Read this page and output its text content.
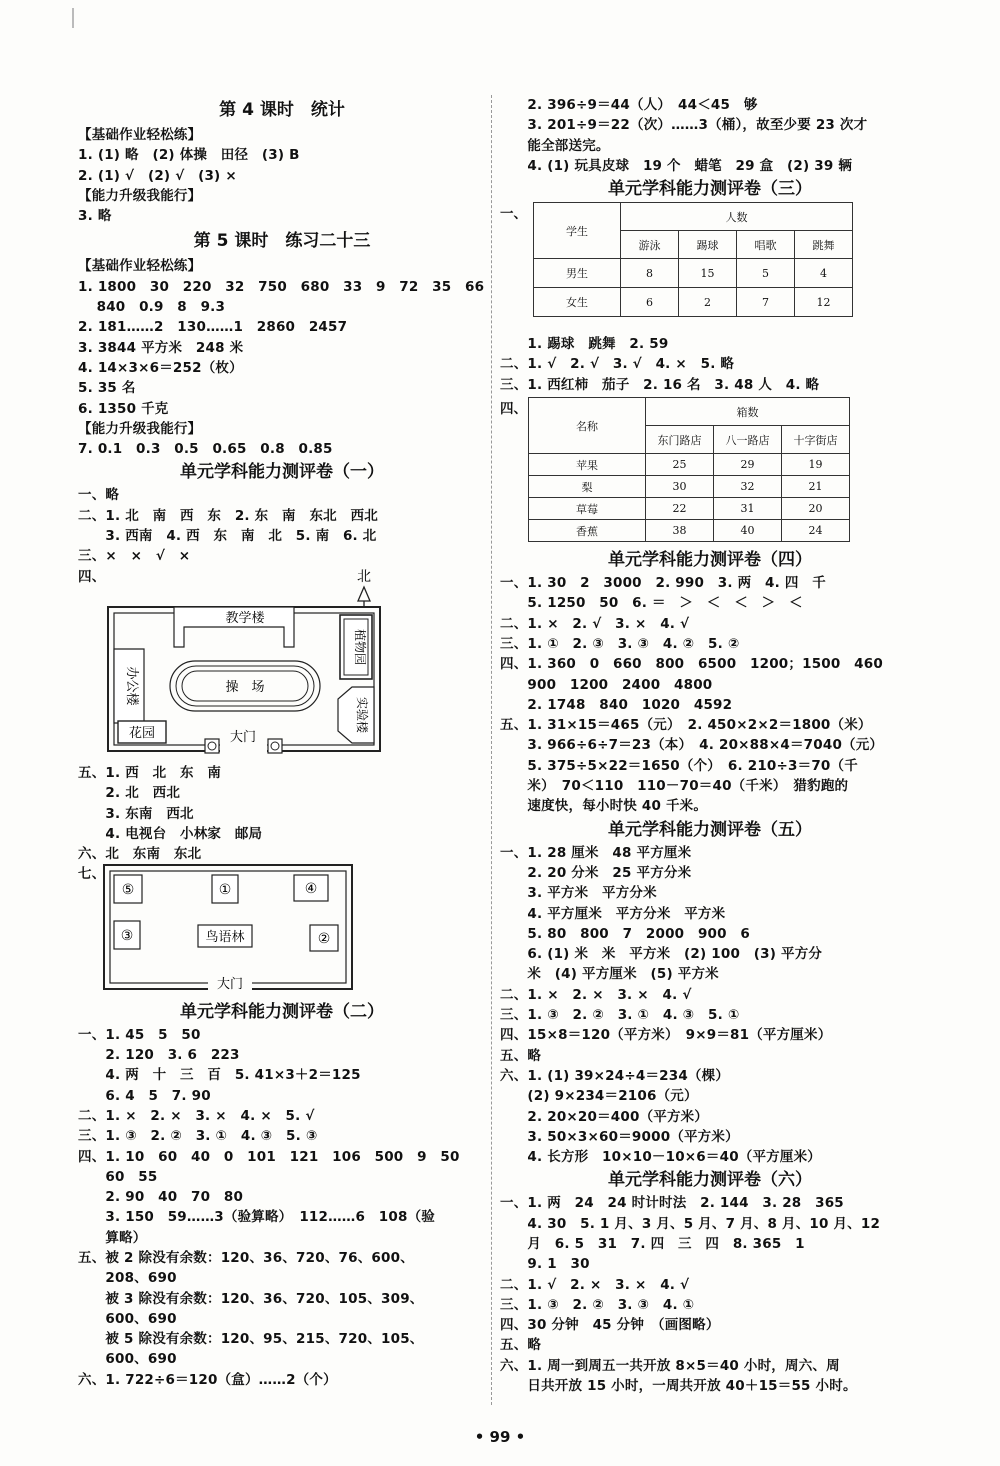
第 4 课时　统计
【基础作业轻松练】
1. (1) 略　(2) 体操　田径　(3) B
2. (1) √　(2) √　(3) ×
【能力升级我能行】
3. 略
第 5 课时　练习二十三
【基础作业轻松练】
1. 1800　30　220　32　750　680　33　9　72　35　66
　 840　0.9　8　9.3
2. 181……2　130……1　2860　2457
3. 3844 平方米　248 米
4. 14×3×6＝252（枚）
5. 35 名
6. 1350 千克
【能力升级我能行】
7. 0.1　0.3　0.5　0.65　0.8　0.85
单元学科能力测评卷（一）
一、略
二、1. 北　南　西　东　2. 东　南　东北　西北
　　3. 西南　4. 西　东　南　北　5. 南　6. 北
三、×　×　√　×
四、	北
教学楼
植物园
办公楼	操　场
实验楼
花园	大门
五、1. 西　北　东　南
　　2. 北　西北
　　3. 东南　西北
　　4. 电视台　小林家　邮局
六、北　东南　东北
七、
⑤	①	④
③	②
鸟语林
大门
单元学科能力测评卷（二）
一、1. 45　5　50
　　2. 120　3. 6　223
　　4. 两　十　三　百　5. 41×3＋2＝125
　　6. 4　5　7. 90
二、1. ×　2. ×　3. ×　4. ×　5. √
三、1. ③　2. ②　3. ①　4. ③　5. ③
四、1. 10　60　40　0　101　121　106　500　9　50
　　60　55
　　2. 90　40　70　80
　　3. 150　59……3（验算略）　112……6　108（验
　　算略）
五、被 2 除没有余数：120、36、720、76、600、
　　208、690
　　被 3 除没有余数：120、36、720、105、309、
　　600、690
　　被 5 除没有余数：120、95、215、720、105、
　　600、690
六、1. 722÷6＝120（盒）……2（个）
　　2. 396÷9＝44（人）　44＜45　够
　　3. 201÷9＝22（次）……3（桶），故至少要 23 次才
　　能全部送完。
　　4. (1) 玩具皮球　19 个　蜡笔　29 盒　(2) 39 辆
单元学科能力测评卷（三）
一、
学生	人数			
	游泳	踢球	唱歌	跳舞
男生	8	15	5	4
女生	6	2	7	12
　　1. 踢球　跳舞　2. 59
二、1. √　2. √　3. √　4. ×　5. 略
三、1. 西红柿　茄子　2. 16 名　3. 48 人　4. 略
四、
名称	箱数		
	东门路店	八一路店	十字街店
苹果	25	29	19
梨	30	32	21
草莓	22	31	20
香蕉	38	40	24
单元学科能力测评卷（四）
一、1. 30　2　3000　2. 990　3. 两　4. 四　千
　　5. 1250　50　6. ＝　＞　＜　＜　＞　＜
二、1. ×　2. √　3. ×　4. √
三、1. ①　2. ③　3. ③　4. ②　5. ②
四、1. 360　0　660　800　6500　1200；1500　460
　　900　1200　2400　4800
　　2. 1748　840　1020　4592
五、1. 31×15＝465（元）　2. 450×2×2＝1800（米）
　　3. 966÷6÷7＝23（本）　4. 20×88×4＝7040（元）
　　5. 375÷5×22＝1650（个）　6. 210÷3＝70（千
　　米）　70＜110　110－70＝40（千米）　猎豹跑的
　　速度快，每小时快 40 千米。
单元学科能力测评卷（五）
一、1. 28 厘米　48 平方厘米
　　2. 20 分米　25 平方分米
　　3. 平方米　平方分米
　　4. 平方厘米　平方分米　平方米
　　5. 80　800　7　2000　900　6
　　6. (1) 米　米　平方米　(2) 100　(3) 平方分
　　米　(4) 平方厘米　(5) 平方米
二、1. ×　2. ×　3. ×　4. √
三、1. ③　2. ②　3. ①　4. ③　5. ①
四、15×8＝120（平方米）　9×9＝81（平方厘米）
五、略
六、1. (1) 39×24÷4＝234（棵）
　　(2) 9×234＝2106（元）
　　2. 20×20＝400（平方米）
　　3. 50×3×60＝9000（平方米）
　　4. 长方形　10×10－10×6＝40（平方厘米）
单元学科能力测评卷（六）
一、1. 两　24　24 时计时法　2. 144　3. 28　365
　　4. 30　5. 1 月、3 月、5 月、7 月、8 月、10 月、12
　　月　6. 5　31　7. 四　三　四　8. 365　1
　　9. 1　30
二、1. √　2. ×　3. ×　4. √
三、1. ③　2. ②　3. ③　4. ①
四、30 分钟　45 分钟　（画图略）
五、略
六、1. 周一到周五一共开放 8×5＝40 小时，周六、周
　　日共开放 15 小时，一周共开放 40＋15＝55 小时。
• 99 •
